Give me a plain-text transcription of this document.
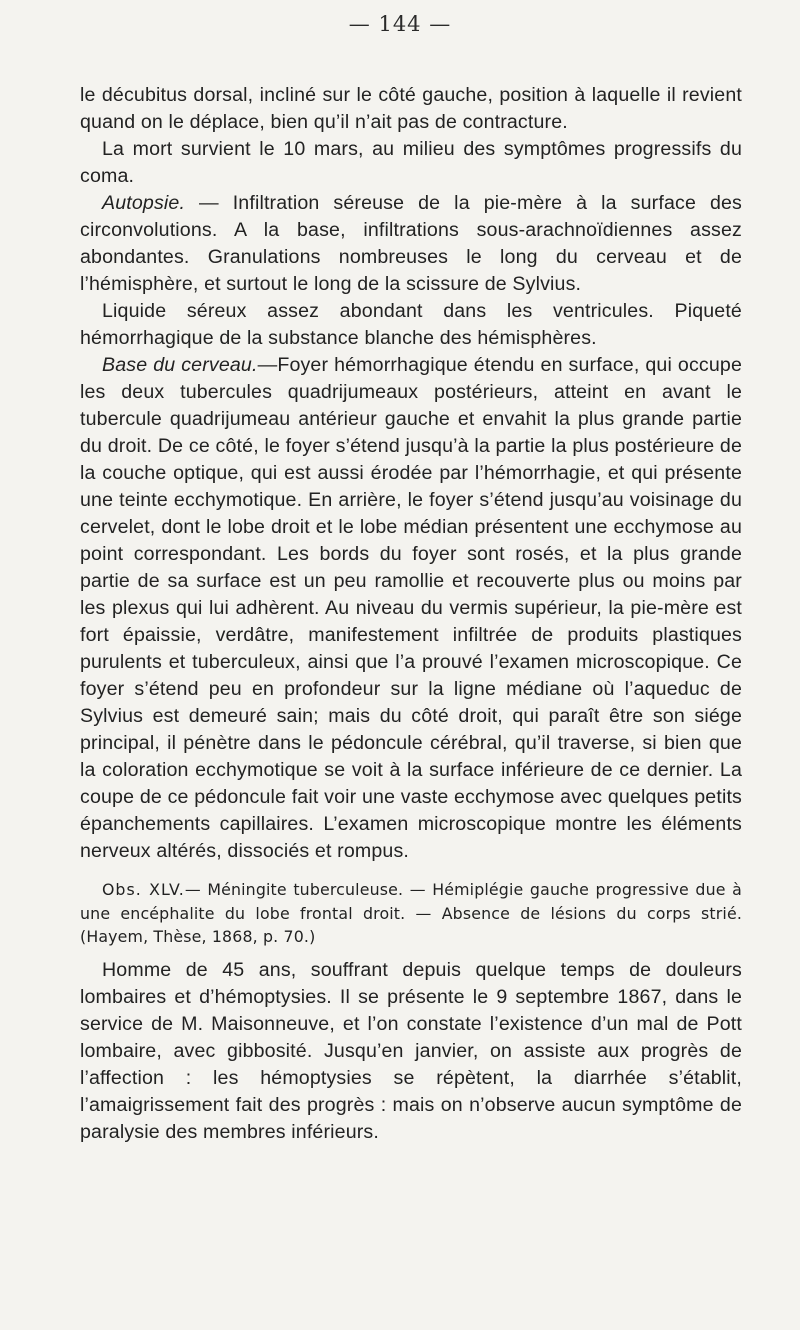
— 144 —

le décubitus dorsal, incliné sur le côté gauche, position à laquelle il revient quand on le déplace, bien qu’il n’ait pas de contracture.

La mort survient le 10 mars, au milieu des symptômes progressifs du coma.

Autopsie. — Infiltration séreuse de la pie-mère à la surface des circonvolutions. A la base, infiltrations sous-arachnoïdiennes assez abondantes. Granulations nombreuses le long du cerveau et de l’hémisphère, et surtout le long de la scissure de Sylvius.

Liquide séreux assez abondant dans les ventricules. Piqueté hémorrhagique de la substance blanche des hémisphères.

Base du cerveau.—Foyer hémorrhagique étendu en surface, qui occupe les deux tubercules quadrijumeaux postérieurs, atteint en avant le tubercule quadrijumeau antérieur gauche et envahit la plus grande partie du droit. De ce côté, le foyer s’étend jusqu’à la partie la plus postérieure de la couche optique, qui est aussi érodée par l’hémorrhagie, et qui présente une teinte ecchymotique. En arrière, le foyer s’étend jusqu’au voisinage du cervelet, dont le lobe droit et le lobe médian présentent une ecchymose au point correspondant. Les bords du foyer sont rosés, et la plus grande partie de sa surface est un peu ramollie et recouverte plus ou moins par les plexus qui lui adhèrent. Au niveau du vermis supérieur, la pie-mère est fort épaissie, verdâtre, manifestement infiltrée de produits plastiques purulents et tuberculeux, ainsi que l’a prouvé l’examen microscopique. Ce foyer s’étend peu en profondeur sur la ligne médiane où l’aqueduc de Sylvius est demeuré sain; mais du côté droit, qui paraît être son siége principal, il pénètre dans le pédoncule cérébral, qu’il traverse, si bien que la coloration ecchymotique se voit à la surface inférieure de ce dernier. La coupe de ce pédoncule fait voir une vaste ecchymose avec quelques petits épanchements capillaires. L’examen microscopique montre les éléments nerveux altérés, dissociés et rompus.

Obs. XLV.— Méningite tuberculeuse. — Hémiplégie gauche progressive due à une encéphalite du lobe frontal droit. — Absence de lésions du corps strié. (Hayem, Thèse, 1868, p. 70.)

Homme de 45 ans, souffrant depuis quelque temps de douleurs lombaires et d’hémoptysies. Il se présente le 9 septembre 1867, dans le service de M. Maisonneuve, et l’on constate l’existence d’un mal de Pott lombaire, avec gibbosité. Jusqu’en janvier, on assiste aux progrès de l’affection : les hémoptysies se répètent, la diarrhée s’établit, l’amaigrissement fait des progrès : mais on n’observe aucun symptôme de paralysie des membres inférieurs.
